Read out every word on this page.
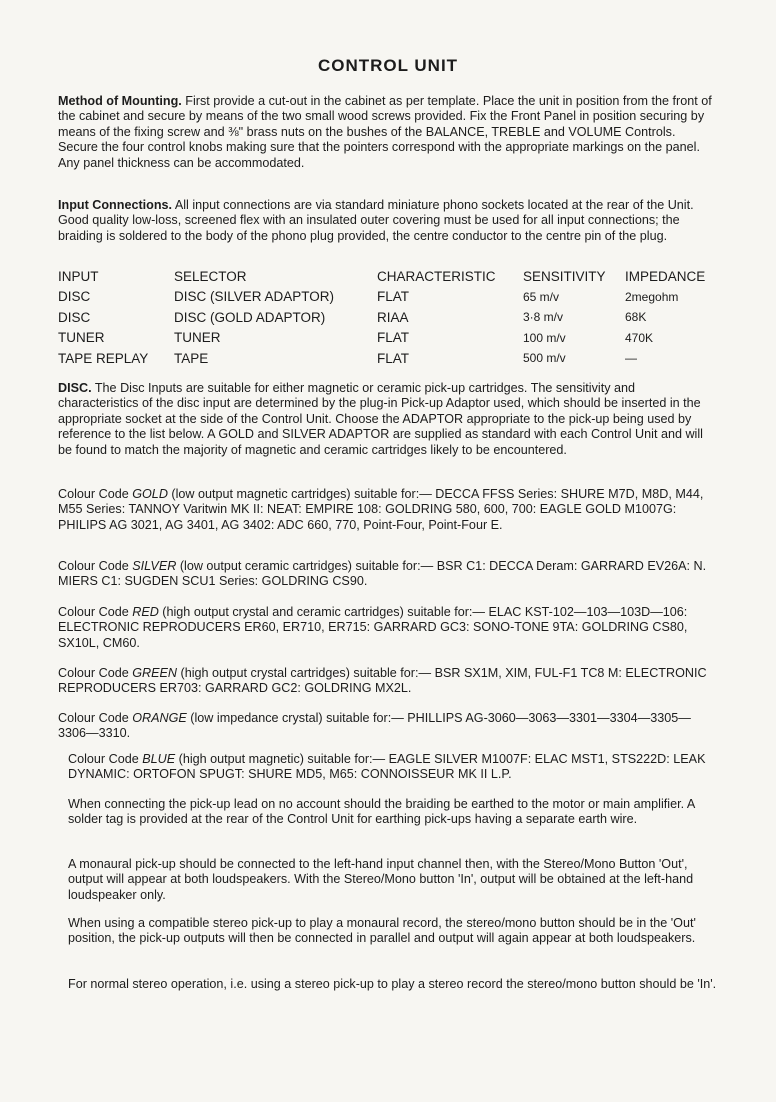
CONTROL UNIT

Method of Mounting. First provide a cut-out in the cabinet as per template. Place the unit in position from the front of the cabinet and secure by means of the two small wood screws provided. Fix the Front Panel in position securing by means of the fixing screw and ⅜" brass nuts on the bushes of the BALANCE, TREBLE and VOLUME Controls. Secure the four control knobs making sure that the pointers correspond with the appropriate markings on the panel. Any panel thickness can be accommodated.

Input Connections. All input connections are via standard miniature phono sockets located at the rear of the Unit. Good quality low-loss, screened flex with an insulated outer covering must be used for all input connections; the braiding is soldered to the body of the phono plug provided, the centre conductor to the centre pin of the plug.

INPUT	SELECTOR	CHARACTERISTIC	SENSITIVITY	IMPEDANCE
DISC	DISC (SILVER ADAPTOR)	FLAT	65 m/v	2megohm
DISC	DISC (GOLD ADAPTOR)	RIAA	3·8 m/v	68K
TUNER	TUNER	FLAT	100 m/v	470K
TAPE REPLAY	TAPE	FLAT	500 m/v	—

DISC. The Disc Inputs are suitable for either magnetic or ceramic pick-up cartridges. The sensitivity and characteristics of the disc input are determined by the plug-in Pick-up Adaptor used, which should be inserted in the appropriate socket at the side of the Control Unit. Choose the ADAPTOR appropriate to the pick-up being used by reference to the list below. A GOLD and SILVER ADAPTOR are supplied as standard with each Control Unit and will be found to match the majority of magnetic and ceramic cartridges likely to be encountered.

Colour Code GOLD (low output magnetic cartridges) suitable for:— DECCA FFSS Series: SHURE M7D, M8D, M44, M55 Series: TANNOY Varitwin MK II: NEAT: EMPIRE 108: GOLDRING 580, 600, 700: EAGLE GOLD M1007G: PHILIPS AG 3021, AG 3401, AG 3402: ADC 660, 770, Point-Four, Point-Four E.

Colour Code SILVER (low output ceramic cartridges) suitable for:— BSR C1: DECCA Deram: GARRARD EV26A: N. MIERS C1: SUGDEN SCU1 Series: GOLDRING CS90.

Colour Code RED (high output crystal and ceramic cartridges) suitable for:— ELAC KST-102—103—103D—106: ELECTRONIC REPRODUCERS ER60, ER710, ER715: GARRARD GC3: SONO-TONE 9TA: GOLDRING CS80, SX10L, CM60.

Colour Code GREEN (high output crystal cartridges) suitable for:— BSR SX1M, XIM, FUL-F1 TC8 M: ELECTRONIC REPRODUCERS ER703: GARRARD GC2: GOLDRING MX2L.

Colour Code ORANGE (low impedance crystal) suitable for:— PHILLIPS AG-3060—3063—3301—3304—3305—3306—3310.

Colour Code BLUE (high output magnetic) suitable for:— EAGLE SILVER M1007F: ELAC MST1, STS222D: LEAK DYNAMIC: ORTOFON SPUGT: SHURE MD5, M65: CONNOISSEUR MK II L.P.

When connecting the pick-up lead on no account should the braiding be earthed to the motor or main amplifier. A solder tag is provided at the rear of the Control Unit for earthing pick-ups having a separate earth wire.

A monaural pick-up should be connected to the left-hand input channel then, with the Stereo/Mono Button 'Out', output will appear at both loudspeakers. With the Stereo/Mono button 'In', output will be obtained at the left-hand loudspeaker only.

When using a compatible stereo pick-up to play a monaural record, the stereo/mono button should be in the 'Out' position, the pick-up outputs will then be connected in parallel and output will again appear at both loudspeakers.

For normal stereo operation, i.e. using a stereo pick-up to play a stereo record the stereo/mono button should be 'In'.
